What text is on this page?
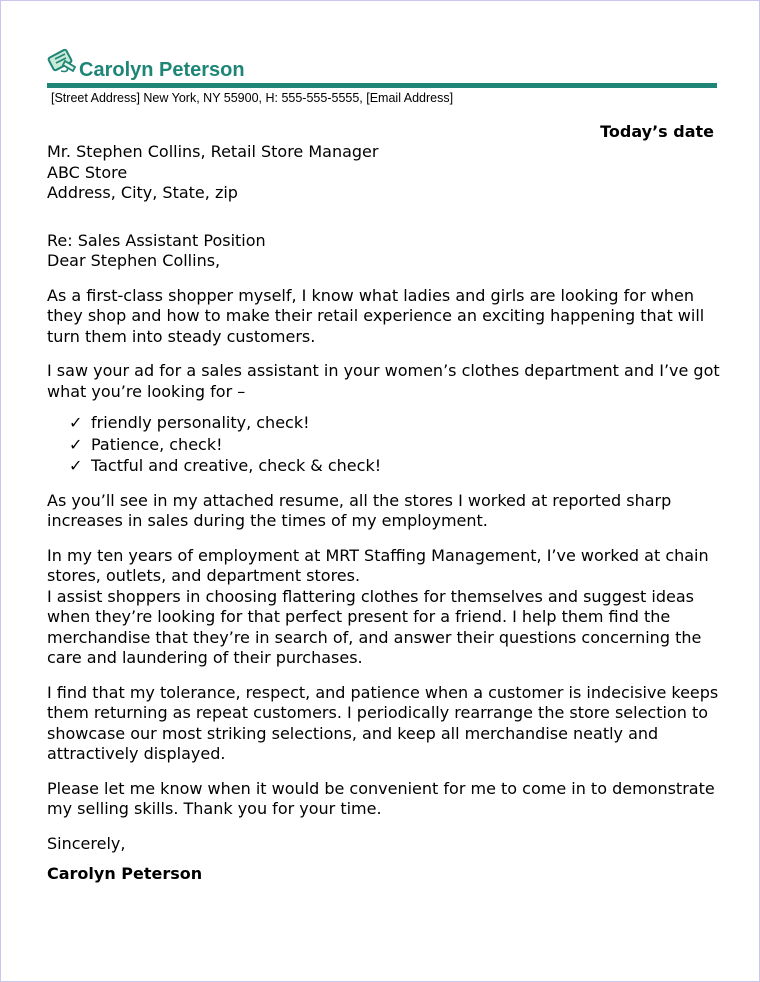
Carolyn Peterson
[Street Address] New York, NY 55900, H: 555-555-5555, [Email Address]
Today’s date

Mr. Stephen Collins, Retail Store Manager

ABC Store

Address, City, State, zip

Re: Sales Assistant Position

Dear Stephen Collins,

As a first-class shopper myself, I know what ladies and girls are looking for when they shop and how to make their retail experience an exciting happening that will turn them into steady customers.

I saw your ad for a sales assistant in your women’s clothes department and I’ve got what you’re looking for –

✓ friendly personality, check!
✓ Patience, check!
✓ Tactful and creative, check & check!

As you’ll see in my attached resume, all the stores I worked at reported sharp increases in sales during the times of my employment.

In my ten years of employment at MRT Staffing Management, I’ve worked at chain stores, outlets, and department stores.

I assist shoppers in choosing flattering clothes for themselves and suggest ideas when they’re looking for that perfect present for a friend. I help them find the merchandise that they’re in search of, and answer their questions concerning the care and laundering of their purchases.

I find that my tolerance, respect, and patience when a customer is indecisive keeps them returning as repeat customers. I periodically rearrange the store selection to showcase our most striking selections, and keep all merchandise neatly and attractively displayed.

Please let me know when it would be convenient for me to come in to demonstrate my selling skills. Thank you for your time.

Sincerely,

Carolyn Peterson
